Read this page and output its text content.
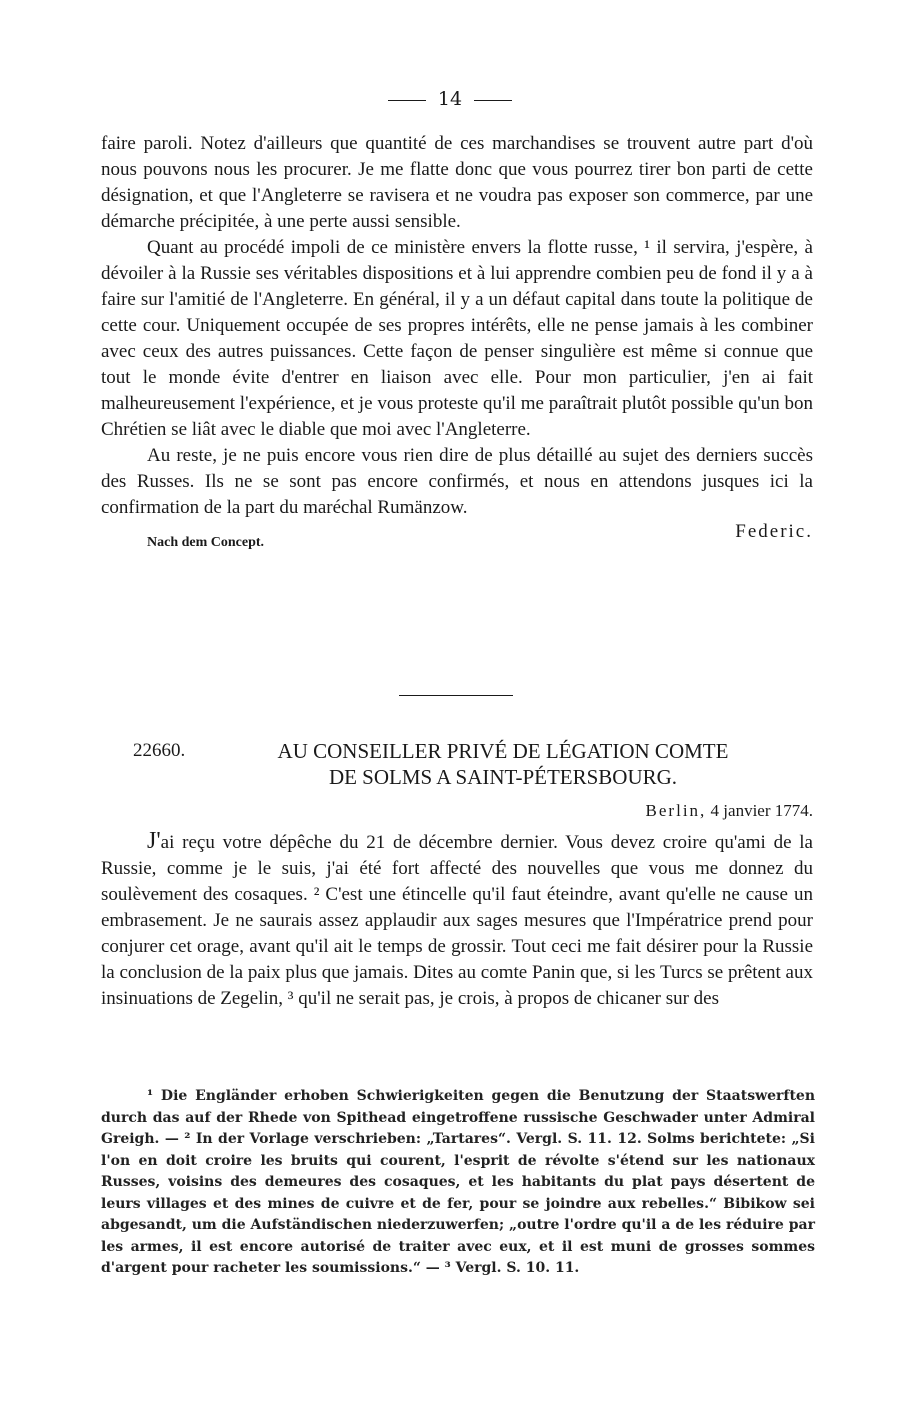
14

faire paroli. Notez d'ailleurs que quantité de ces marchandises se trouvent autre part d'où nous pouvons nous les procurer. Je me flatte donc que vous pourrez tirer bon parti de cette désignation, et que l'Angleterre se ravisera et ne voudra pas exposer son commerce, par une démarche précipitée, à une perte aussi sensible.

Quant au procédé impoli de ce ministère envers la flotte russe, ¹ il servira, j'espère, à dévoiler à la Russie ses véritables dispositions et à lui apprendre combien peu de fond il y a à faire sur l'amitié de l'Angleterre. En général, il y a un défaut capital dans toute la politique de cette cour. Uniquement occupée de ses propres intérêts, elle ne pense jamais à les combiner avec ceux des autres puissances. Cette façon de penser singulière est même si connue que tout le monde évite d'entrer en liaison avec elle. Pour mon particulier, j'en ai fait malheureusement l'expérience, et je vous proteste qu'il me paraîtrait plutôt possible qu'un bon Chrétien se liât avec le diable que moi avec l'Angleterre.

Au reste, je ne puis encore vous rien dire de plus détaillé au sujet des derniers succès des Russes. Ils ne se sont pas encore confirmés, et nous en attendons jusques ici la confirmation de la part du maréchal Rumänzow.

Nach dem Concept.
Federic.
22660.	AU CONSEILLER PRIVÉ DE LÉGATION COMTE
DE SOLMS A SAINT-PÉTERSBOURG.
Berlin, 4 janvier 1774.

J'ai reçu votre dépêche du 21 de décembre dernier. Vous devez croire qu'ami de la Russie, comme je le suis, j'ai été fort affecté des nouvelles que vous me donnez du soulèvement des cosaques. ² C'est une étincelle qu'il faut éteindre, avant qu'elle ne cause un embrasement. Je ne saurais assez applaudir aux sages mesures que l'Impératrice prend pour conjurer cet orage, avant qu'il ait le temps de grossir. Tout ceci me fait désirer pour la Russie la conclusion de la paix plus que jamais. Dites au comte Panin que, si les Turcs se prêtent aux insinuations de Zegelin, ³ qu'il ne serait pas, je crois, à propos de chicaner sur des

¹ Die Engländer erhoben Schwierigkeiten gegen die Benutzung der Staatswerften durch das auf der Rhede von Spithead eingetroffene russische Geschwader unter Admiral Greigh. — ² In der Vorlage verschrieben: „Tartares“. Vergl. S. 11. 12. Solms berichtete: „Si l'on en doit croire les bruits qui courent, l'esprit de révolte s'étend sur les nationaux Russes, voisins des demeures des cosaques, et les habitants du plat pays désertent de leurs villages et des mines de cuivre et de fer, pour se joindre aux rebelles.“ Bibikow sei abgesandt, um die Aufständischen niederzuwerfen; „outre l'ordre qu'il a de les réduire par les armes, il est encore autorisé de traiter avec eux, et il est muni de grosses sommes d'argent pour racheter les soumissions.“ — ³ Vergl. S. 10. 11.
